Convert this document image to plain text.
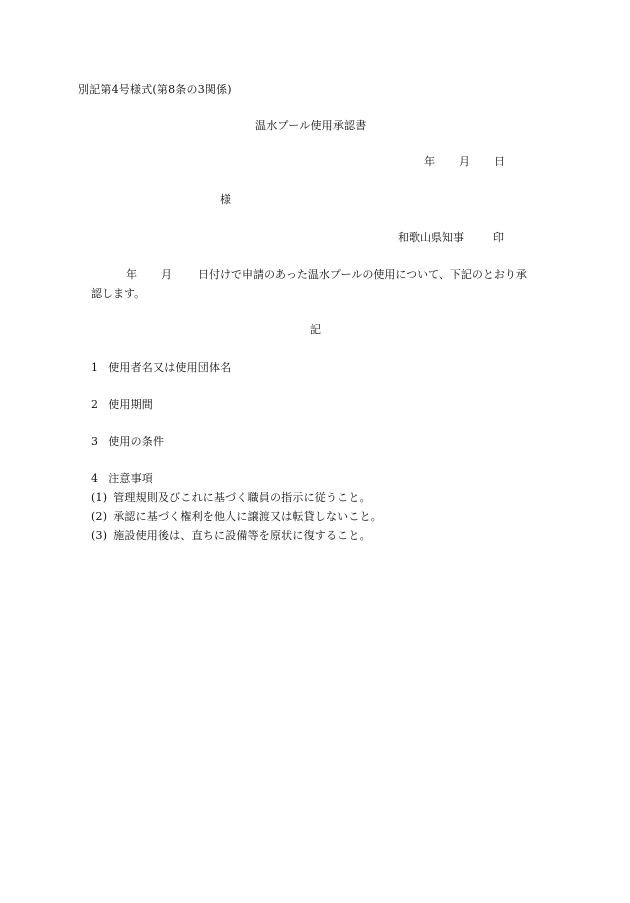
別記第4号様式(第8条の3関係)
温水プール使用承認書
年 月 日
様
和歌山県知事	印
年 月 日付けで申請のあった温水プールの使用について、下記のとおり承
認します。
記
1 使用者名又は使用団体名
2 使用期間
3 使用の条件
4 注意事項
(1) 管理規則及びこれに基づく職員の指示に従うこと。
(2) 承認に基づく権利を他人に譲渡又は転貸しないこと。
(3) 施設使用後は、直ちに設備等を原状に復すること。
